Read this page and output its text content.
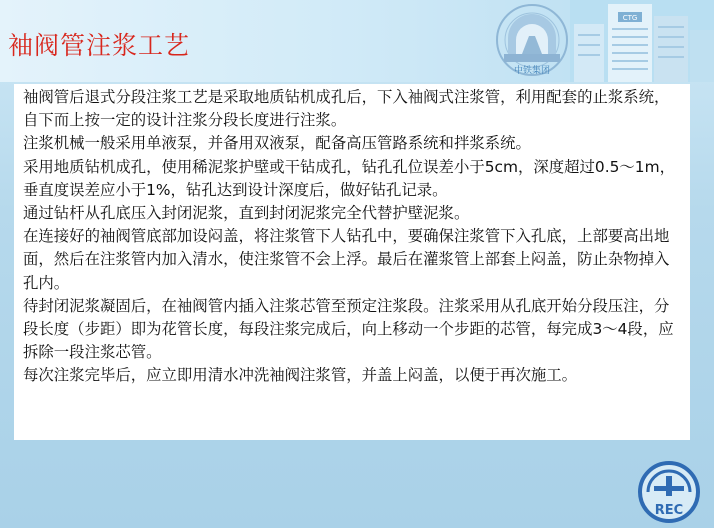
袖阀管注浆工艺
中铁集团
CTG

袖阀管后退式分段注浆工艺是采取地质钻机成孔后，下入袖阀式注浆管，利用配套的止浆系统，自下而上按一定的设计注浆分段长度进行注浆。

注浆机械一般采用单液泵，并备用双液泵，配备高压管路系统和拌浆系统。

采用地质钻机成孔，使用稀泥浆护壁或干钻成孔，钻孔孔位误差小于5cm，深度超过0.5～1m，垂直度误差应小于1%，钻孔达到设计深度后，做好钻孔记录。

通过钻杆从孔底压入封闭泥浆，直到封闭泥浆完全代替护壁泥浆。

在连接好的袖阀管底部加设闷盖，将注浆管下人钻孔中，要确保注浆管下入孔底，上部要高出地面，然后在注浆管内加入清水，使注浆管不会上浮。最后在灌浆管上部套上闷盖，防止杂物掉入孔内。

待封闭泥浆凝固后，在袖阀管内插入注浆芯管至预定注浆段。注浆采用从孔底开始分段压注，分段长度（步距）即为花管长度，每段注浆完成后，向上移动一个步距的芯管，每完成3～4段，应拆除一段注浆芯管。

每次注浆完毕后，应立即用清水冲洗袖阀注浆管，并盖上闷盖，以便于再次施工。

REC
